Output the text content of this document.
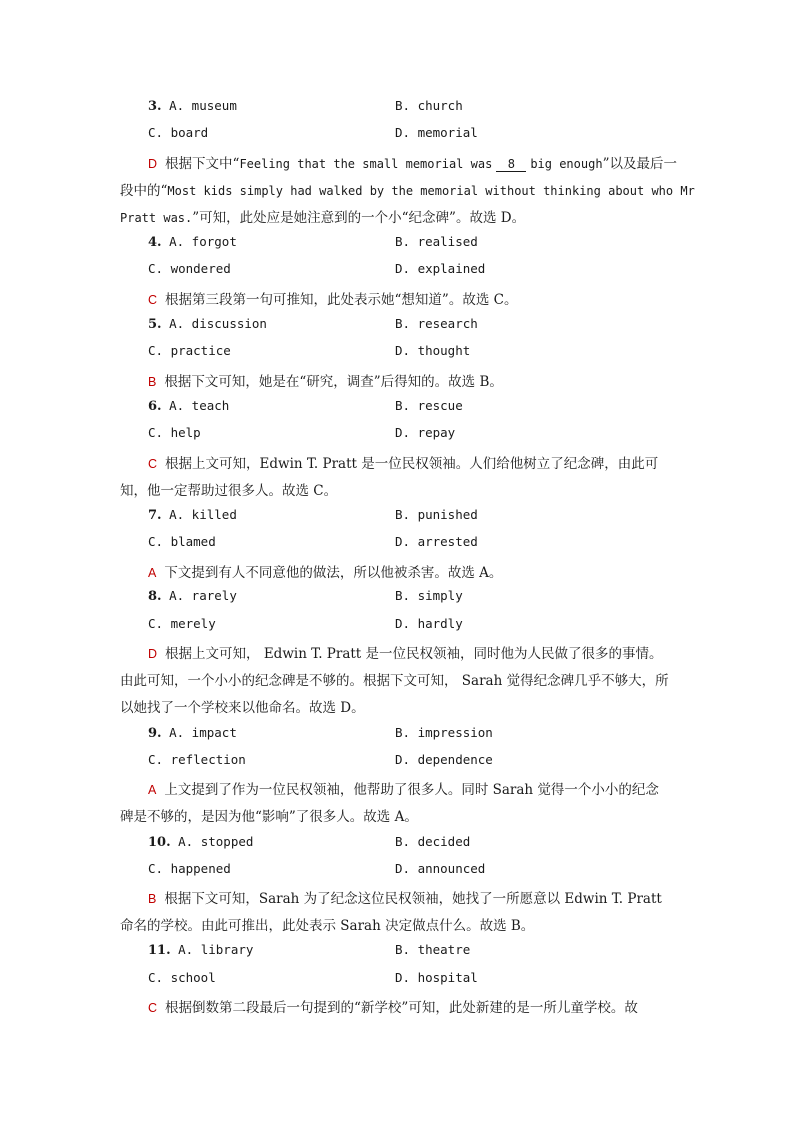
3. A. museum	B. church
C. board	D. memorial
D 根据下文中“Feeling that the small memorial was 8 big enough”以及最后一
段中的“Most kids simply had walked by the memorial without thinking about who Mr
Pratt was.”可知，此处应是她注意到的一个小“纪念碑”。故选 D。
4. A. forgot	B. realised
C. wondered	D. explained
C 根据第三段第一句可推知，此处表示她“想知道”。故选 C。
5. A. discussion	B. research
C. practice	D. thought
B 根据下文可知，她是在“研究，调查”后得知的。故选 B。
6. A. teach	B. rescue
C. help	D. repay
C 根据上文可知，Edwin T. Pratt 是一位民权领袖。人们给他树立了纪念碑，由此可
知，他一定帮助过很多人。故选 C。
7. A. killed	B. punished
C. blamed	D. arrested
A 下文提到有人不同意他的做法，所以他被杀害。故选 A。
8. A. rarely	B. simply
C. merely	D. hardly
D 根据上文可知， Edwin T. Pratt 是一位民权领袖，同时他为人民做了很多的事情。
由此可知，一个小小的纪念碑是不够的。根据下文可知， Sarah 觉得纪念碑几乎不够大，所
以她找了一个学校来以他命名。故选 D。
9. A. impact	B. impression
C. reflection	D. dependence
A 上文提到了作为一位民权领袖，他帮助了很多人。同时 Sarah 觉得一个小小的纪念
碑是不够的，是因为他“影响”了很多人。故选 A。
10. A. stopped	B. decided
C. happened	D. announced
B 根据下文可知，Sarah 为了纪念这位民权领袖，她找了一所愿意以 Edwin T. Pratt
命名的学校。由此可推出，此处表示 Sarah 决定做点什么。故选 B。
11. A. library	B. theatre
C. school	D. hospital
C 根据倒数第二段最后一句提到的“新学校”可知，此处新建的是一所儿童学校。故
